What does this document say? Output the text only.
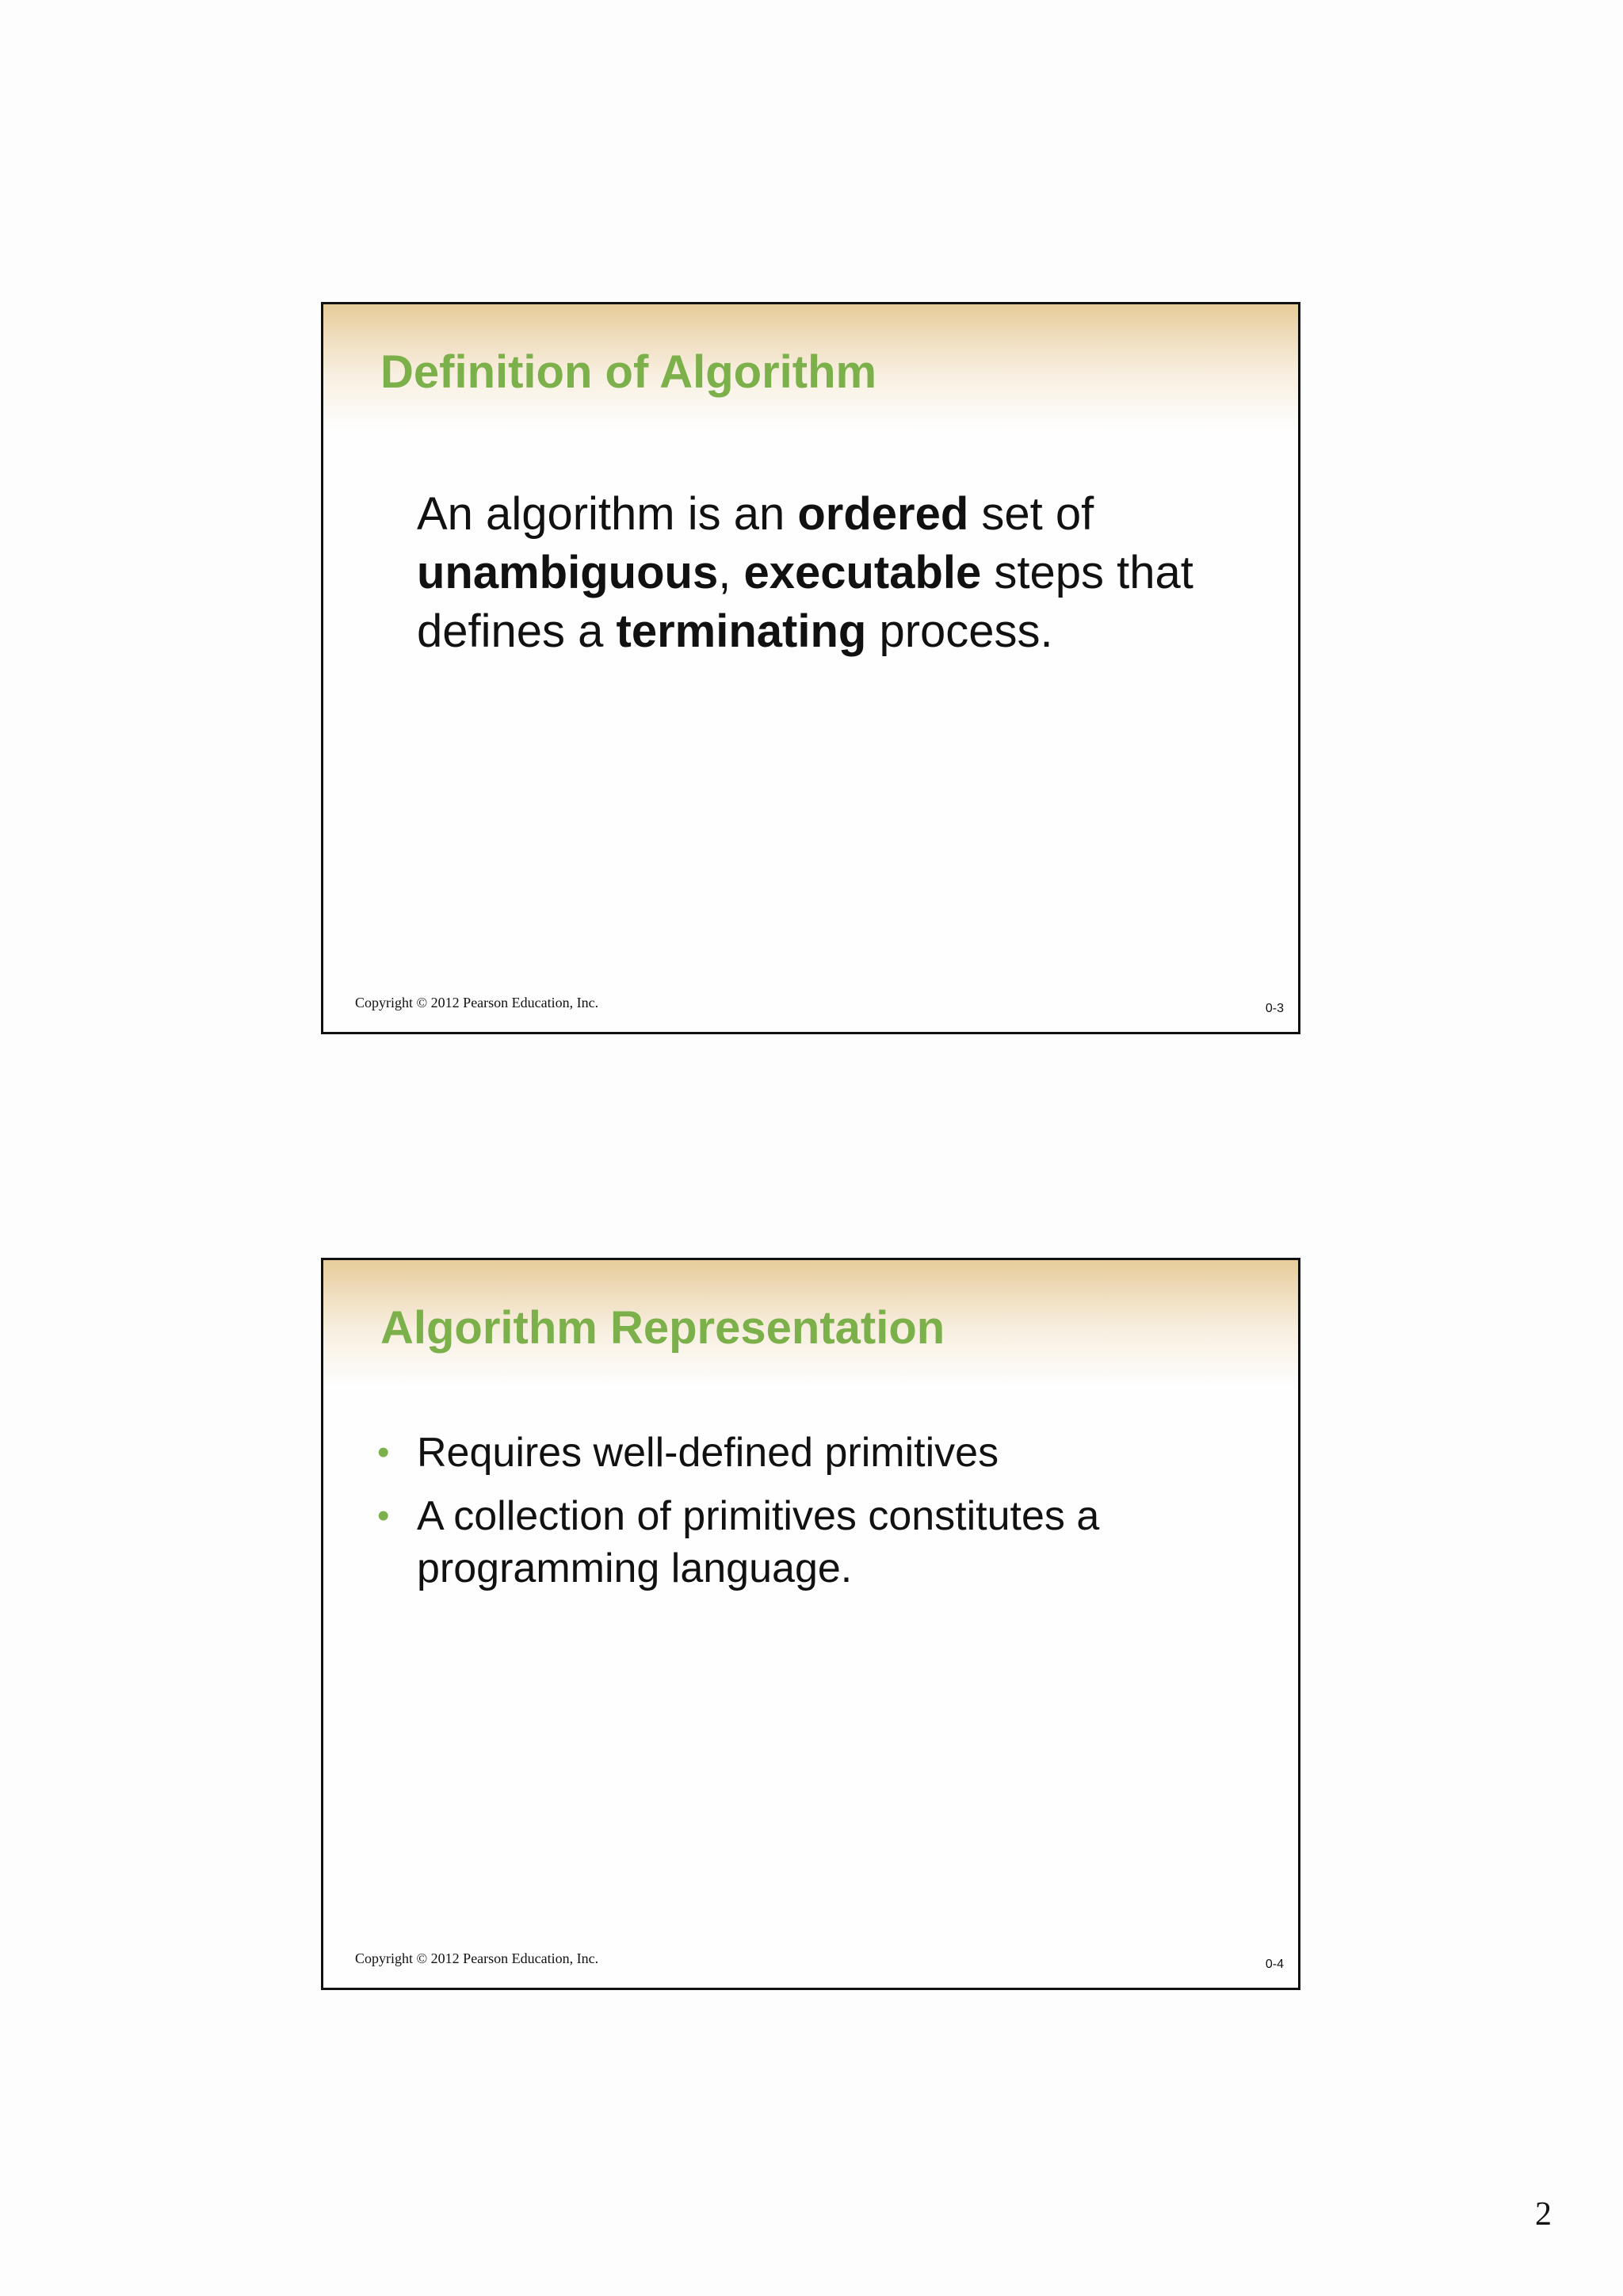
Definition of Algorithm

An algorithm is an ordered set of unambiguous, executable steps that defines a terminating process.

Copyright © 2012 Pearson Education, Inc.	0-3
Algorithm Representation
• Requires well-defined primitives
• A collection of primitives constitutes a programming language.
Copyright © 2012 Pearson Education, Inc.	0-4
2
